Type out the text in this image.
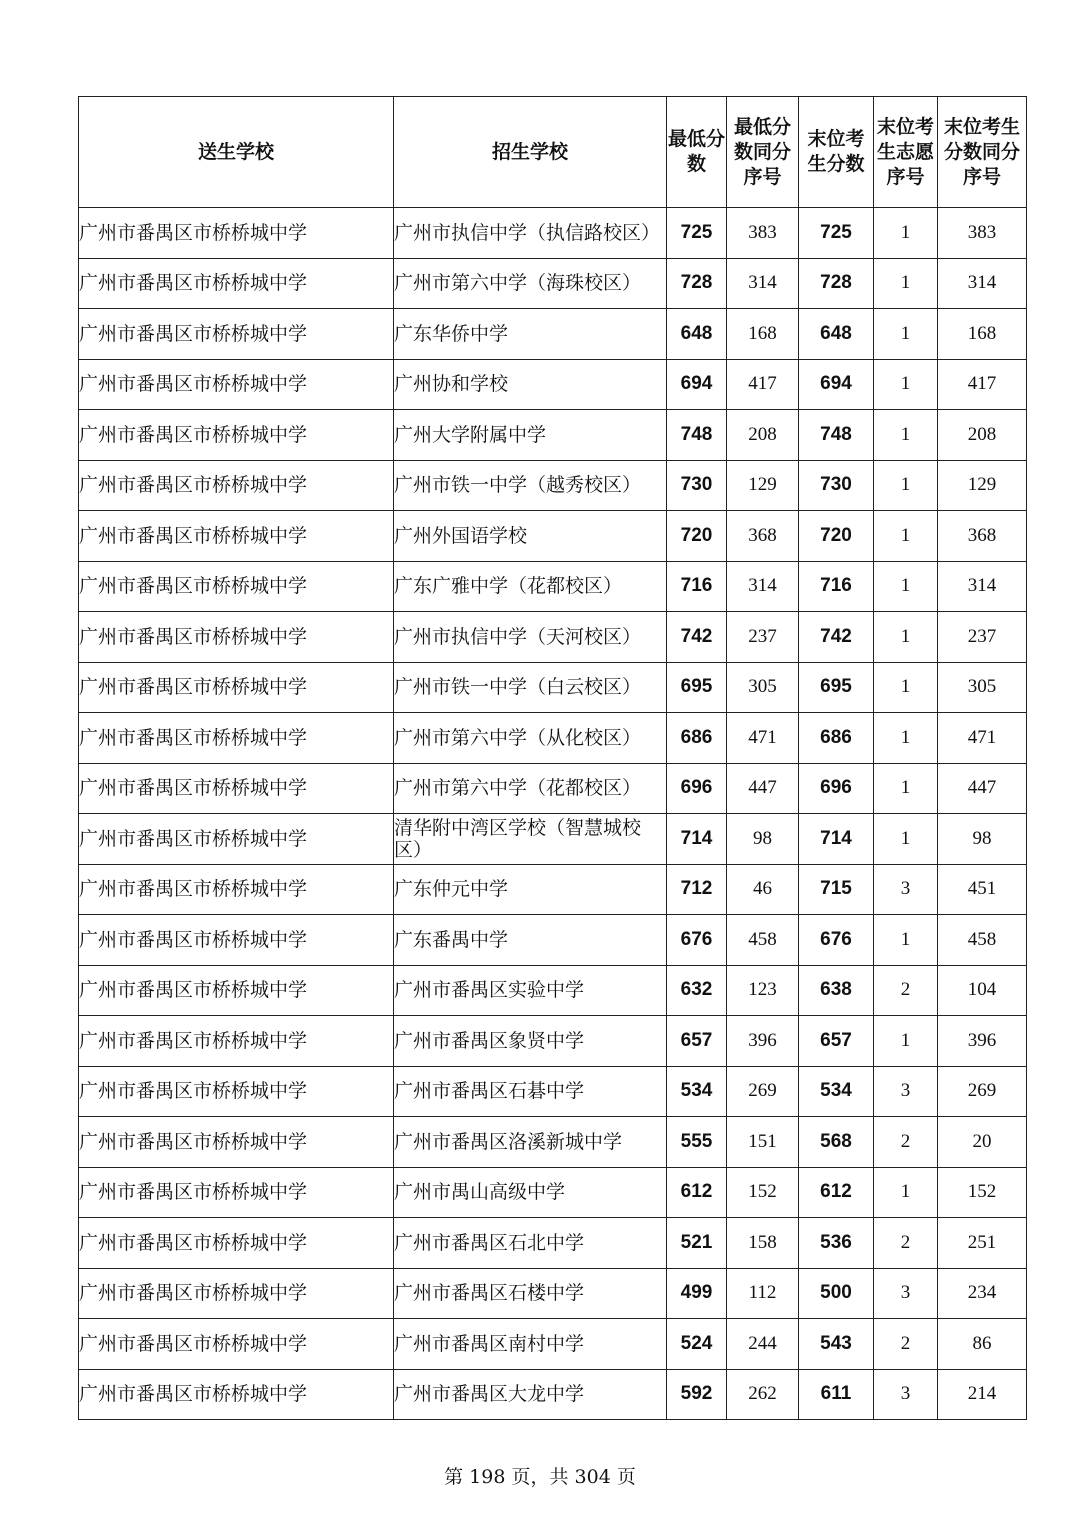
送生学校	招生学校	最低分数	最低分数同分序号	末位考生分数	末位考生志愿序号	末位考生分数同分序号
广州市番禺区市桥桥城中学	广州市执信中学（执信路校区）	725	383	725	1	383
广州市番禺区市桥桥城中学	广州市第六中学（海珠校区）	728	314	728	1	314
广州市番禺区市桥桥城中学	广东华侨中学	648	168	648	1	168
广州市番禺区市桥桥城中学	广州协和学校	694	417	694	1	417
广州市番禺区市桥桥城中学	广州大学附属中学	748	208	748	1	208
广州市番禺区市桥桥城中学	广州市铁一中学（越秀校区）	730	129	730	1	129
广州市番禺区市桥桥城中学	广州外国语学校	720	368	720	1	368
广州市番禺区市桥桥城中学	广东广雅中学（花都校区）	716	314	716	1	314
广州市番禺区市桥桥城中学	广州市执信中学（天河校区）	742	237	742	1	237
广州市番禺区市桥桥城中学	广州市铁一中学（白云校区）	695	305	695	1	305
广州市番禺区市桥桥城中学	广州市第六中学（从化校区）	686	471	686	1	471
广州市番禺区市桥桥城中学	广州市第六中学（花都校区）	696	447	696	1	447
广州市番禺区市桥桥城中学	清华附中湾区学校（智慧城校区）	714	98	714	1	98
广州市番禺区市桥桥城中学	广东仲元中学	712	46	715	3	451
广州市番禺区市桥桥城中学	广东番禺中学	676	458	676	1	458
广州市番禺区市桥桥城中学	广州市番禺区实验中学	632	123	638	2	104
广州市番禺区市桥桥城中学	广州市番禺区象贤中学	657	396	657	1	396
广州市番禺区市桥桥城中学	广州市番禺区石碁中学	534	269	534	3	269
广州市番禺区市桥桥城中学	广州市番禺区洛溪新城中学	555	151	568	2	20
广州市番禺区市桥桥城中学	广州市禺山高级中学	612	152	612	1	152
广州市番禺区市桥桥城中学	广州市番禺区石北中学	521	158	536	2	251
广州市番禺区市桥桥城中学	广州市番禺区石楼中学	499	112	500	3	234
广州市番禺区市桥桥城中学	广州市番禺区南村中学	524	244	543	2	86
广州市番禺区市桥桥城中学	广州市番禺区大龙中学	592	262	611	3	214
第 198 页，共 304 页
